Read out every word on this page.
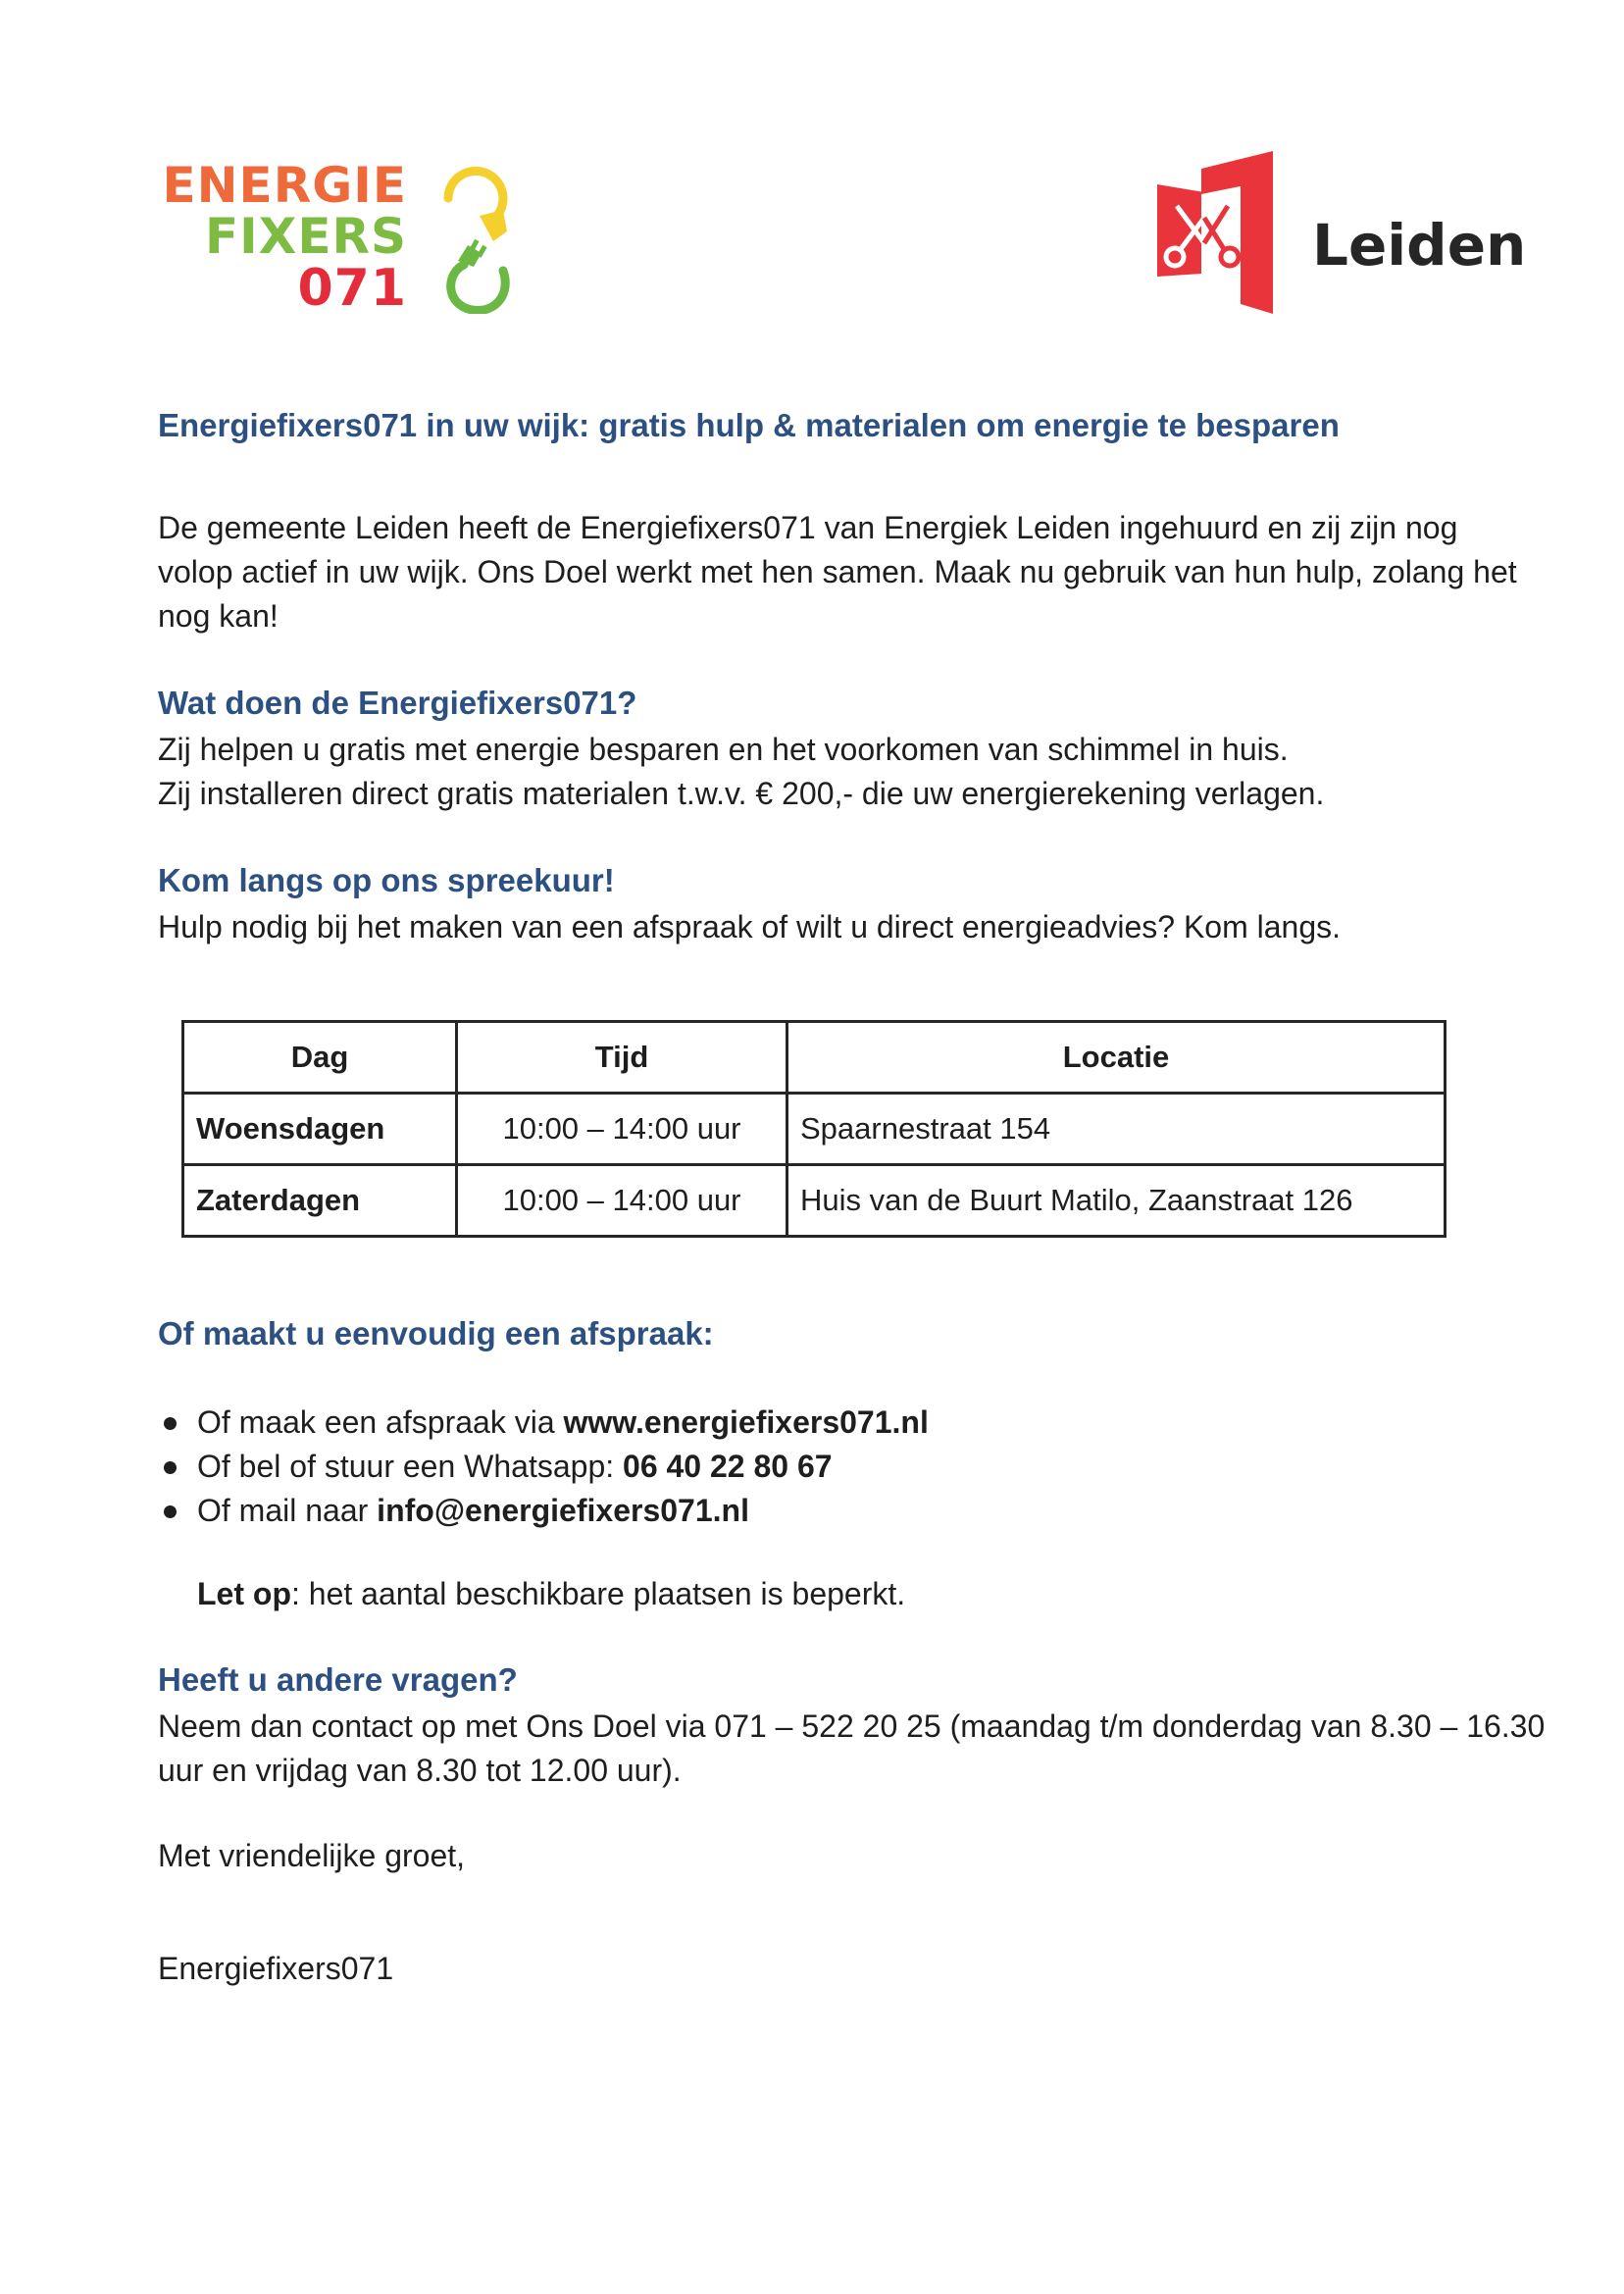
ENERGIE
FIXERS
071
Leiden
Energiefixers071 in uw wijk: gratis hulp & materialen om energie te besparen
De gemeente Leiden heeft de Energiefixers071 van Energiek Leiden ingehuurd en zij zijn nog volop actief in uw wijk. Ons Doel werkt met hen samen. Maak nu gebruik van hun hulp, zolang het nog kan!
Wat doen de Energiefixers071?
Zij helpen u gratis met energie besparen en het voorkomen van schimmel in huis.
Zij installeren direct gratis materialen t.w.v. € 200,- die uw energierekening verlagen.
Kom langs op ons spreekuur!
Hulp nodig bij het maken van een afspraak of wilt u direct energieadvies? Kom langs.
Dag	Tijd	Locatie
Woensdagen	10:00 – 14:00 uur	Spaarnestraat 154
Zaterdagen	10:00 – 14:00 uur	Huis van de Buurt Matilo, Zaanstraat 126
Of maakt u eenvoudig een afspraak:
Of maak een afspraak via www.energiefixers071.nl
Of bel of stuur een Whatsapp: 06 40 22 80 67
Of mail naar info@energiefixers071.nl
Let op: het aantal beschikbare plaatsen is beperkt.
Heeft u andere vragen?
Neem dan contact op met Ons Doel via 071 – 522 20 25 (maandag t/m donderdag van 8.30 – 16.30 uur en vrijdag van 8.30 tot 12.00 uur).
Met vriendelijke groet,
Energiefixers071
